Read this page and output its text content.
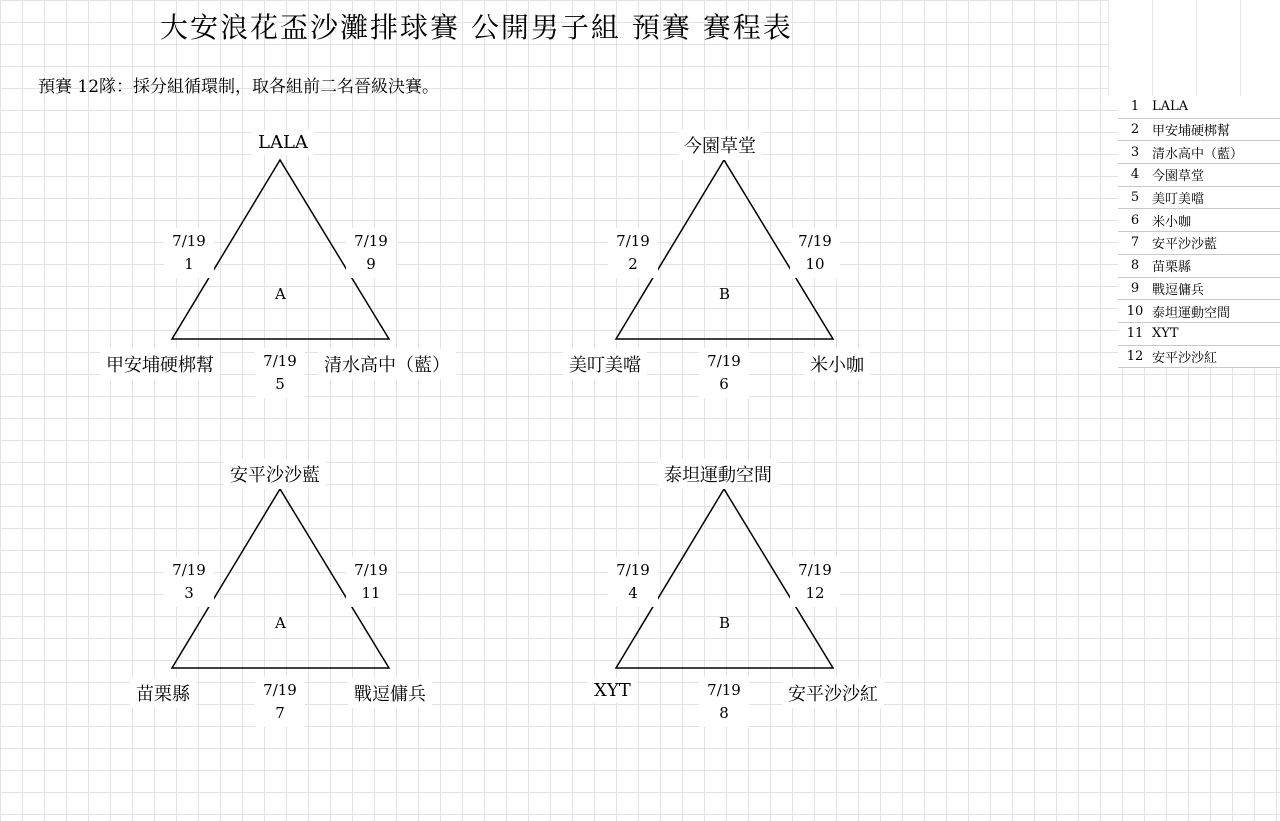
大安浪花盃沙灘排球賽 公開男子組 預賽 賽程表
預賽 12隊：採分組循環制，取各組前二名晉級決賽。
LALA
7/19
1
7/19
9
A
甲安埔硬梆幫	7/19
5
清水高中（藍）
今園草堂
7/19
2
7/19
10
B
美叮美噹	7/19
6
米小咖
安平沙沙藍
7/19
3
7/19
11
A
苗栗縣	7/19
7
戰逗傭兵
泰坦運動空間
7/19
4
7/19
12
B
XYT	7/19
8
安平沙沙紅
1 LALA
2 甲安埔硬梆幫
3 清水高中（藍）
4 今園草堂
5 美叮美噹
6 米小咖
7 安平沙沙藍
8 苗栗縣
9 戰逗傭兵
10 泰坦運動空間
11 XYT
12 安平沙沙紅
